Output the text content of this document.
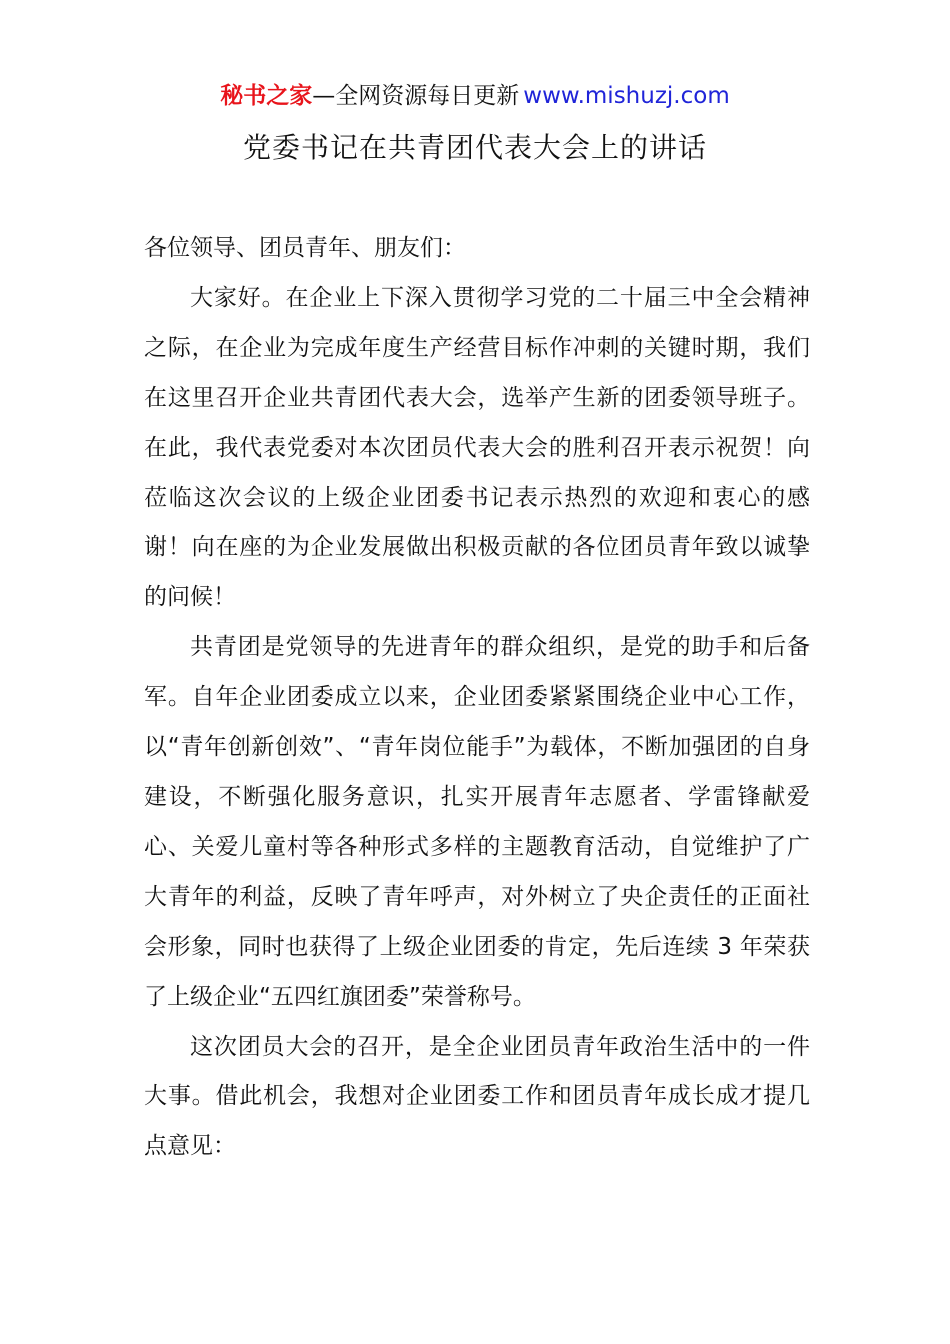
秘书之家—全网资源每日更新 www.mishuzj.com
党委书记在共青团代表大会上的讲话

各位领导、团员青年、朋友们：

大家好。在企业上下深入贯彻学习党的二十届三中全会精神之际，在企业为完成年度生产经营目标作冲刺的关键时期，我们在这里召开企业共青团代表大会，选举产生新的团委领导班子。在此，我代表党委对本次团员代表大会的胜利召开表示祝贺！向莅临这次会议的上级企业团委书记表示热烈的欢迎和衷心的感谢！向在座的为企业发展做出积极贡献的各位团员青年致以诚挚的问候！

共青团是党领导的先进青年的群众组织，是党的助手和后备军。自年企业团委成立以来，企业团委紧紧围绕企业中心工作，以“青年创新创效”、“青年岗位能手”为载体，不断加强团的自身建设，不断强化服务意识，扎实开展青年志愿者、学雷锋献爱心、关爱儿童村等各种形式多样的主题教育活动，自觉维护了广大青年的利益，反映了青年呼声，对外树立了央企责任的正面社会形象，同时也获得了上级企业团委的肯定，先后连续 3 年荣获了上级企业“五四红旗团委”荣誉称号。

这次团员大会的召开，是全企业团员青年政治生活中的一件大事。借此机会，我想对企业团委工作和团员青年成长成才提几点意见：
